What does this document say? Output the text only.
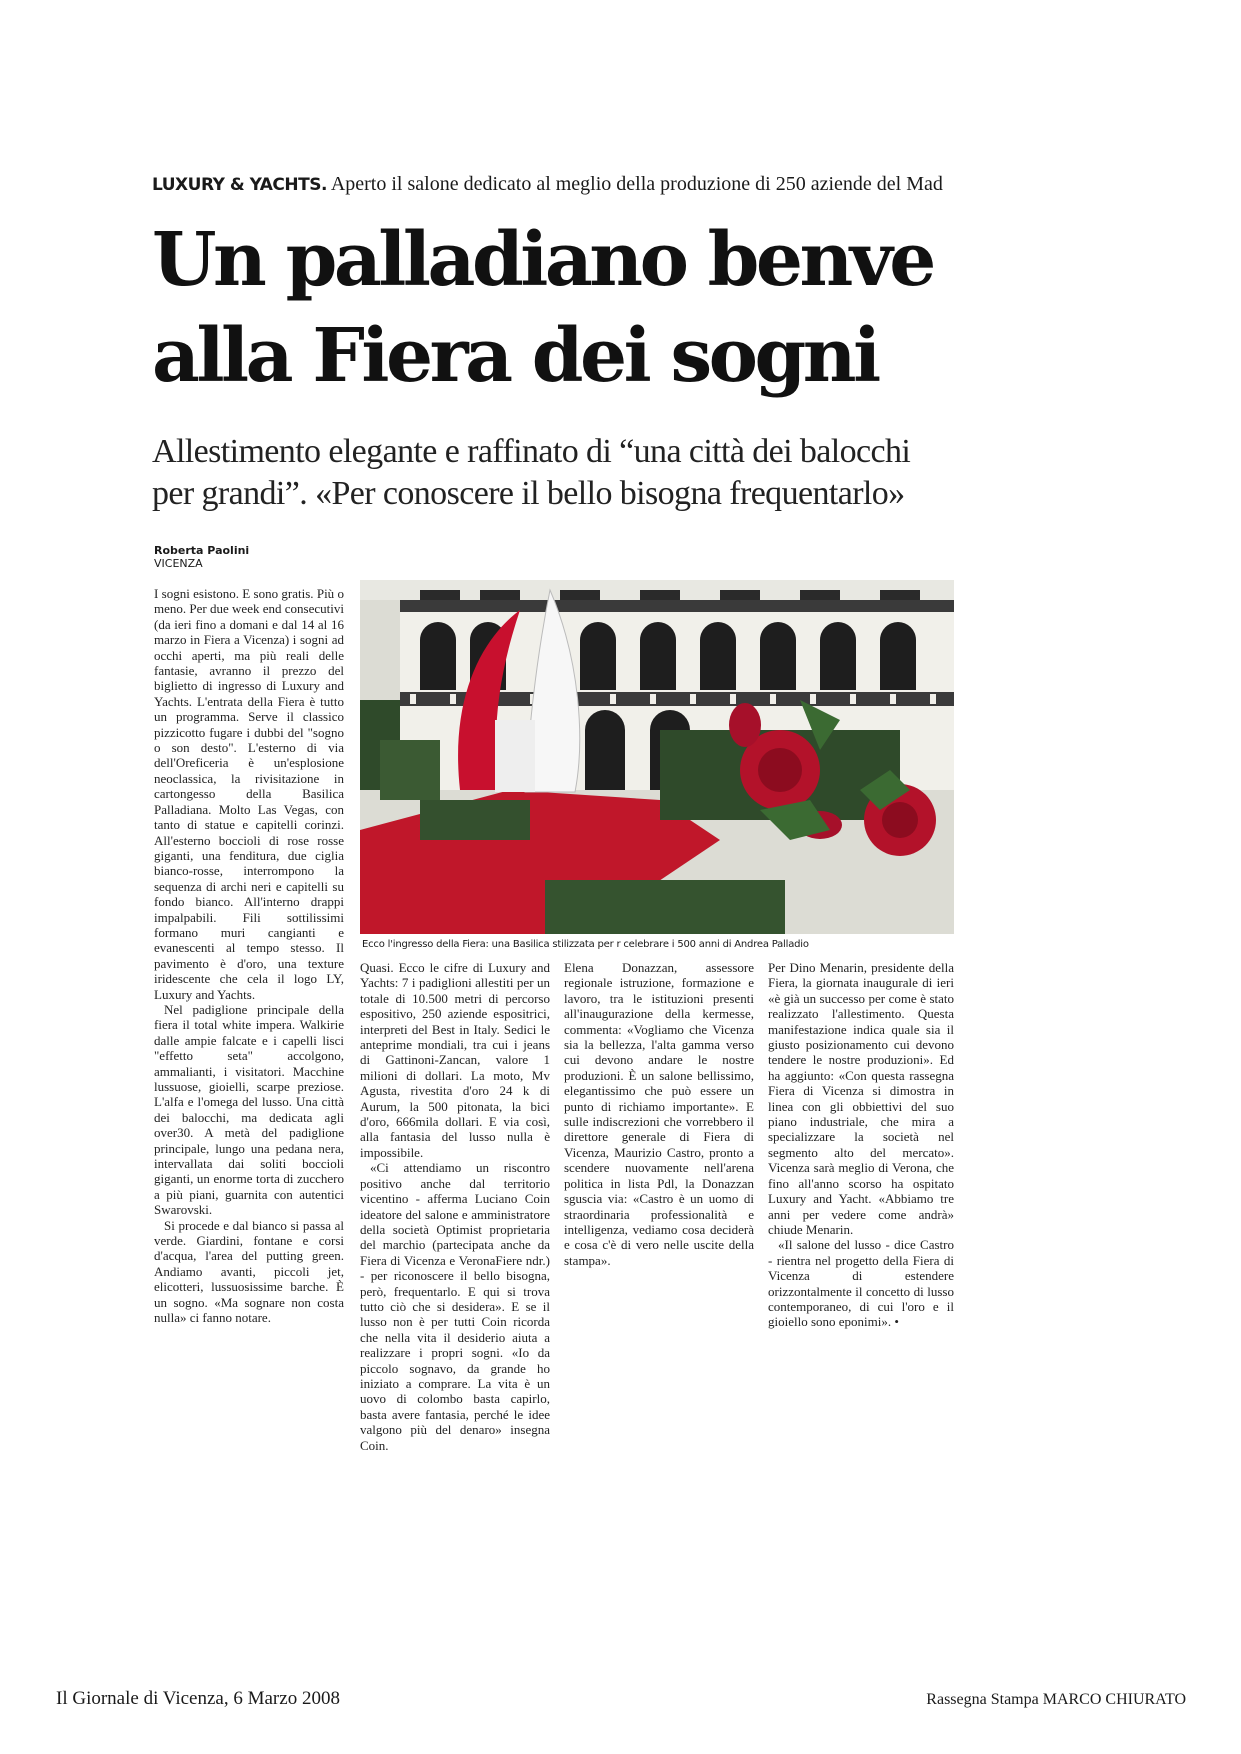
LUXURY & YACHTS. Aperto il salone dedicato al meglio della produzione di 250 aziende del Mad
Un palladiano benve
alla Fiera dei sogni
Allestimento elegante e raffinato di “una città dei balocchi per grandi”. «Per conoscere il bello bisogna frequentarlo»
Roberta Paolini
VICENZA

I sogni esistono. E sono gratis. Più o meno. Per due week end consecutivi (da ieri fino a domani e dal 14 al 16 marzo in Fiera a Vicenza) i sogni ad occhi aperti, ma più reali delle fantasie, avranno il prezzo del biglietto di ingresso di Luxury and Yachts. L'entrata della Fiera è tutto un programma. Serve il classico pizzicotto fugare i dubbi del "sogno o son desto". L'esterno di via dell'Oreficeria è un'esplosione neoclassica, la rivisitazione in cartongesso della Basilica Palladiana. Molto Las Vegas, con tanto di statue e capitelli corinzi. All'esterno boccioli di rose rosse giganti, una fenditura, due ciglia bianco-rosse, interrompono la sequenza di archi neri e capitelli su fondo bianco. All'interno drappi impalpabili. Fili sottilissimi formano muri cangianti e evanescenti al tempo stesso. Il pavimento è d'oro, una texture iridescente che cela il logo LY, Luxury and Yachts.

Nel padiglione principale della fiera il total white impera. Walkirie dalle ampie falcate e i capelli lisci "effetto seta" accolgono, ammalianti, i visitatori. Macchine lussuose, gioielli, scarpe preziose. L'alfa e l'omega del lusso. Una città dei balocchi, ma dedicata agli over30. A metà del padiglione principale, lungo una pedana nera, intervallata dai soliti boccioli giganti, un enorme torta di zucchero a più piani, guarnita con autentici Swarovski.

Si procede e dal bianco si passa al verde. Giardini, fontane e corsi d'acqua, l'area del putting green. Andiamo avanti, piccoli jet, elicotteri, lussuosissime barche. È un sogno. «Ma sognare non costa nulla» ci fanno notare.

Ecco l'ingresso della Fiera: una Basilica stilizzata per r celebrare i 500 anni di Andrea Palladio

Quasi. Ecco le cifre di Luxury and Yachts: 7 i padiglioni allestiti per un totale di 10.500 metri di percorso espositivo, 250 aziende espositrici, interpreti del Best in Italy. Sedici le anteprime mondiali, tra cui i jeans di Gattinoni-Zancan, valore 1 milioni di dollari. La moto, Mv Agusta, rivestita d'oro 24 k di Aurum, la 500 pitonata, la bici d'oro, 666mila dollari. E via così, alla fantasia del lusso nulla è impossibile.

«Ci attendiamo un riscontro positivo anche dal territorio vicentino - afferma Luciano Coin ideatore del salone e amministratore della società Optimist proprietaria del marchio (partecipata anche da Fiera di Vicenza e VeronaFiere ndr.) - per riconoscere il bello bisogna, però, frequentarlo. E qui si trova tutto ciò che si desidera». E se il lusso non è per tutti Coin ricorda che nella vita il desiderio aiuta a realizzare i propri sogni. «Io da piccolo sognavo, da grande ho iniziato a comprare. La vita è un uovo di colombo basta capirlo, basta avere fantasia, perché le idee valgono più del denaro» insegna Coin.

Elena Donazzan, assessore regionale istruzione, formazione e lavoro, tra le istituzioni presenti all'inaugurazione della kermesse, commenta: «Vogliamo che Vicenza sia la bellezza, l'alta gamma verso cui devono andare le nostre produzioni. È un salone bellissimo, elegantissimo che può essere un punto di richiamo importante». E sulle indiscrezioni che vorrebbero il direttore generale di Fiera di Vicenza, Maurizio Castro, pronto a scendere nuovamente nell'arena politica in lista Pdl, la Donazzan sguscia via: «Castro è un uomo di straordinaria professionalità e intelligenza, vediamo cosa deciderà e cosa c'è di vero nelle uscite della stampa».

Per Dino Menarin, presidente della Fiera, la giornata inaugurale di ieri «è già un successo per come è stato realizzato l'allestimento. Questa manifestazione indica quale sia il giusto posizionamento cui devono tendere le nostre produzioni». Ed ha aggiunto: «Con questa rassegna Fiera di Vicenza si dimostra in linea con gli obbiettivi del suo piano industriale, che mira a specializzare la società nel segmento alto del mercato». Vicenza sarà meglio di Verona, che fino all'anno scorso ha ospitato Luxury and Yacht. «Abbiamo tre anni per vedere come andrà» chiude Menarin.

«Il salone del lusso - dice Castro - rientra nel progetto della Fiera di Vicenza di estendere orizzontalmente il concetto di lusso contemporaneo, di cui l'oro e il gioiello sono eponimi». •

Il Giornale di Vicenza, 6 Marzo 2008	Rassegna Stampa MARCO CHIURATO
